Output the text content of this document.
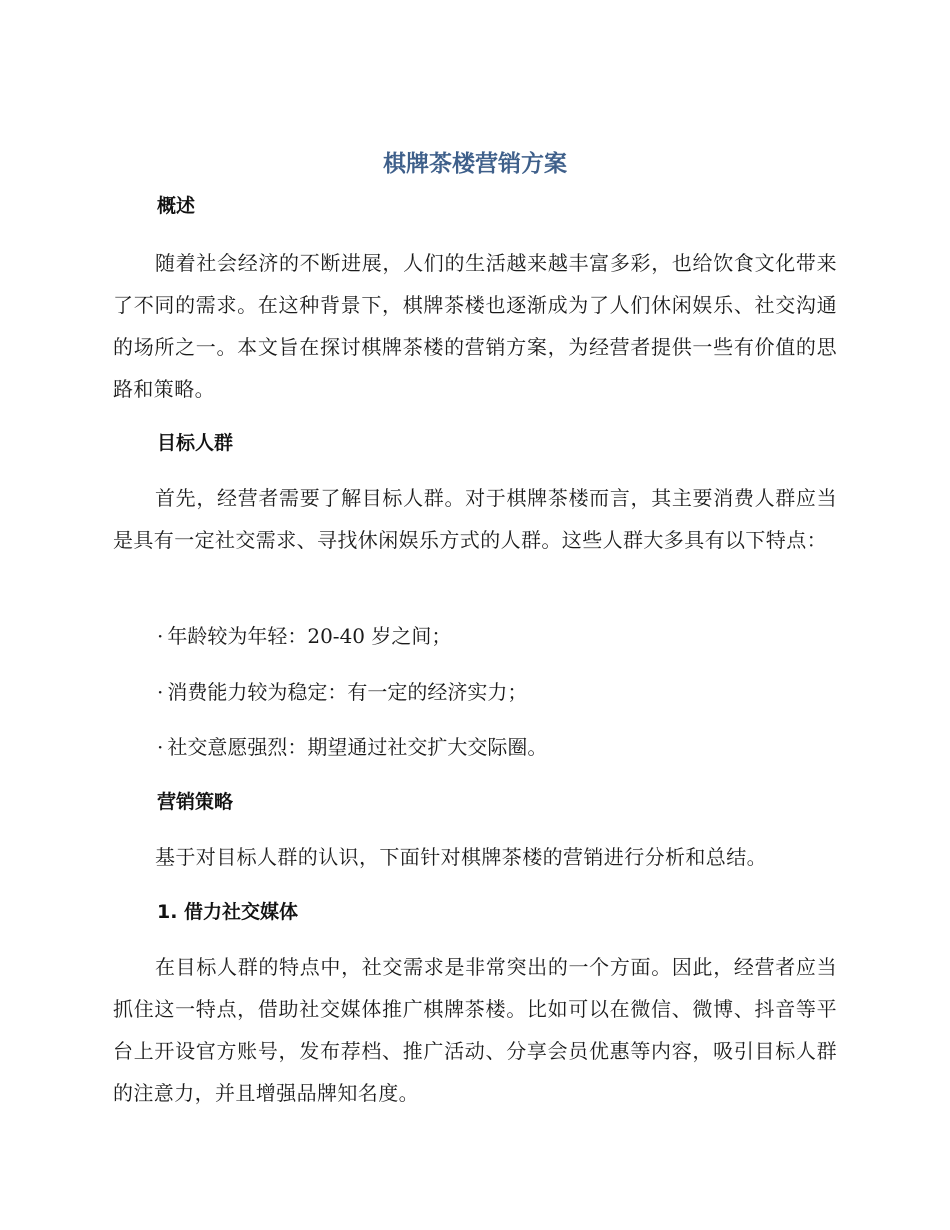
棋牌茶楼营销方案
概述
随着社会经济的不断进展，人们的生活越来越丰富多彩，也给饮食文化带来了不同的需求。在这种背景下，棋牌茶楼也逐渐成为了人们休闲娱乐、社交沟通的场所之一。本文旨在探讨棋牌茶楼的营销方案，为经营者提供一些有价值的思路和策略。
目标人群
首先，经营者需要了解目标人群。对于棋牌茶楼而言，其主要消费人群应当是具有一定社交需求、寻找休闲娱乐方式的人群。这些人群大多具有以下特点：
· 年龄较为年轻：20-40 岁之间；
· 消费能力较为稳定：有一定的经济实力；
· 社交意愿强烈：期望通过社交扩大交际圈。
营销策略
基于对目标人群的认识，下面针对棋牌茶楼的营销进行分析和总结。
1. 借力社交媒体
在目标人群的特点中，社交需求是非常突出的一个方面。因此，经营者应当抓住这一特点，借助社交媒体推广棋牌茶楼。比如可以在微信、微博、抖音等平台上开设官方账号，发布荐档、推广活动、分享会员优惠等内容，吸引目标人群的注意力，并且增强品牌知名度。
